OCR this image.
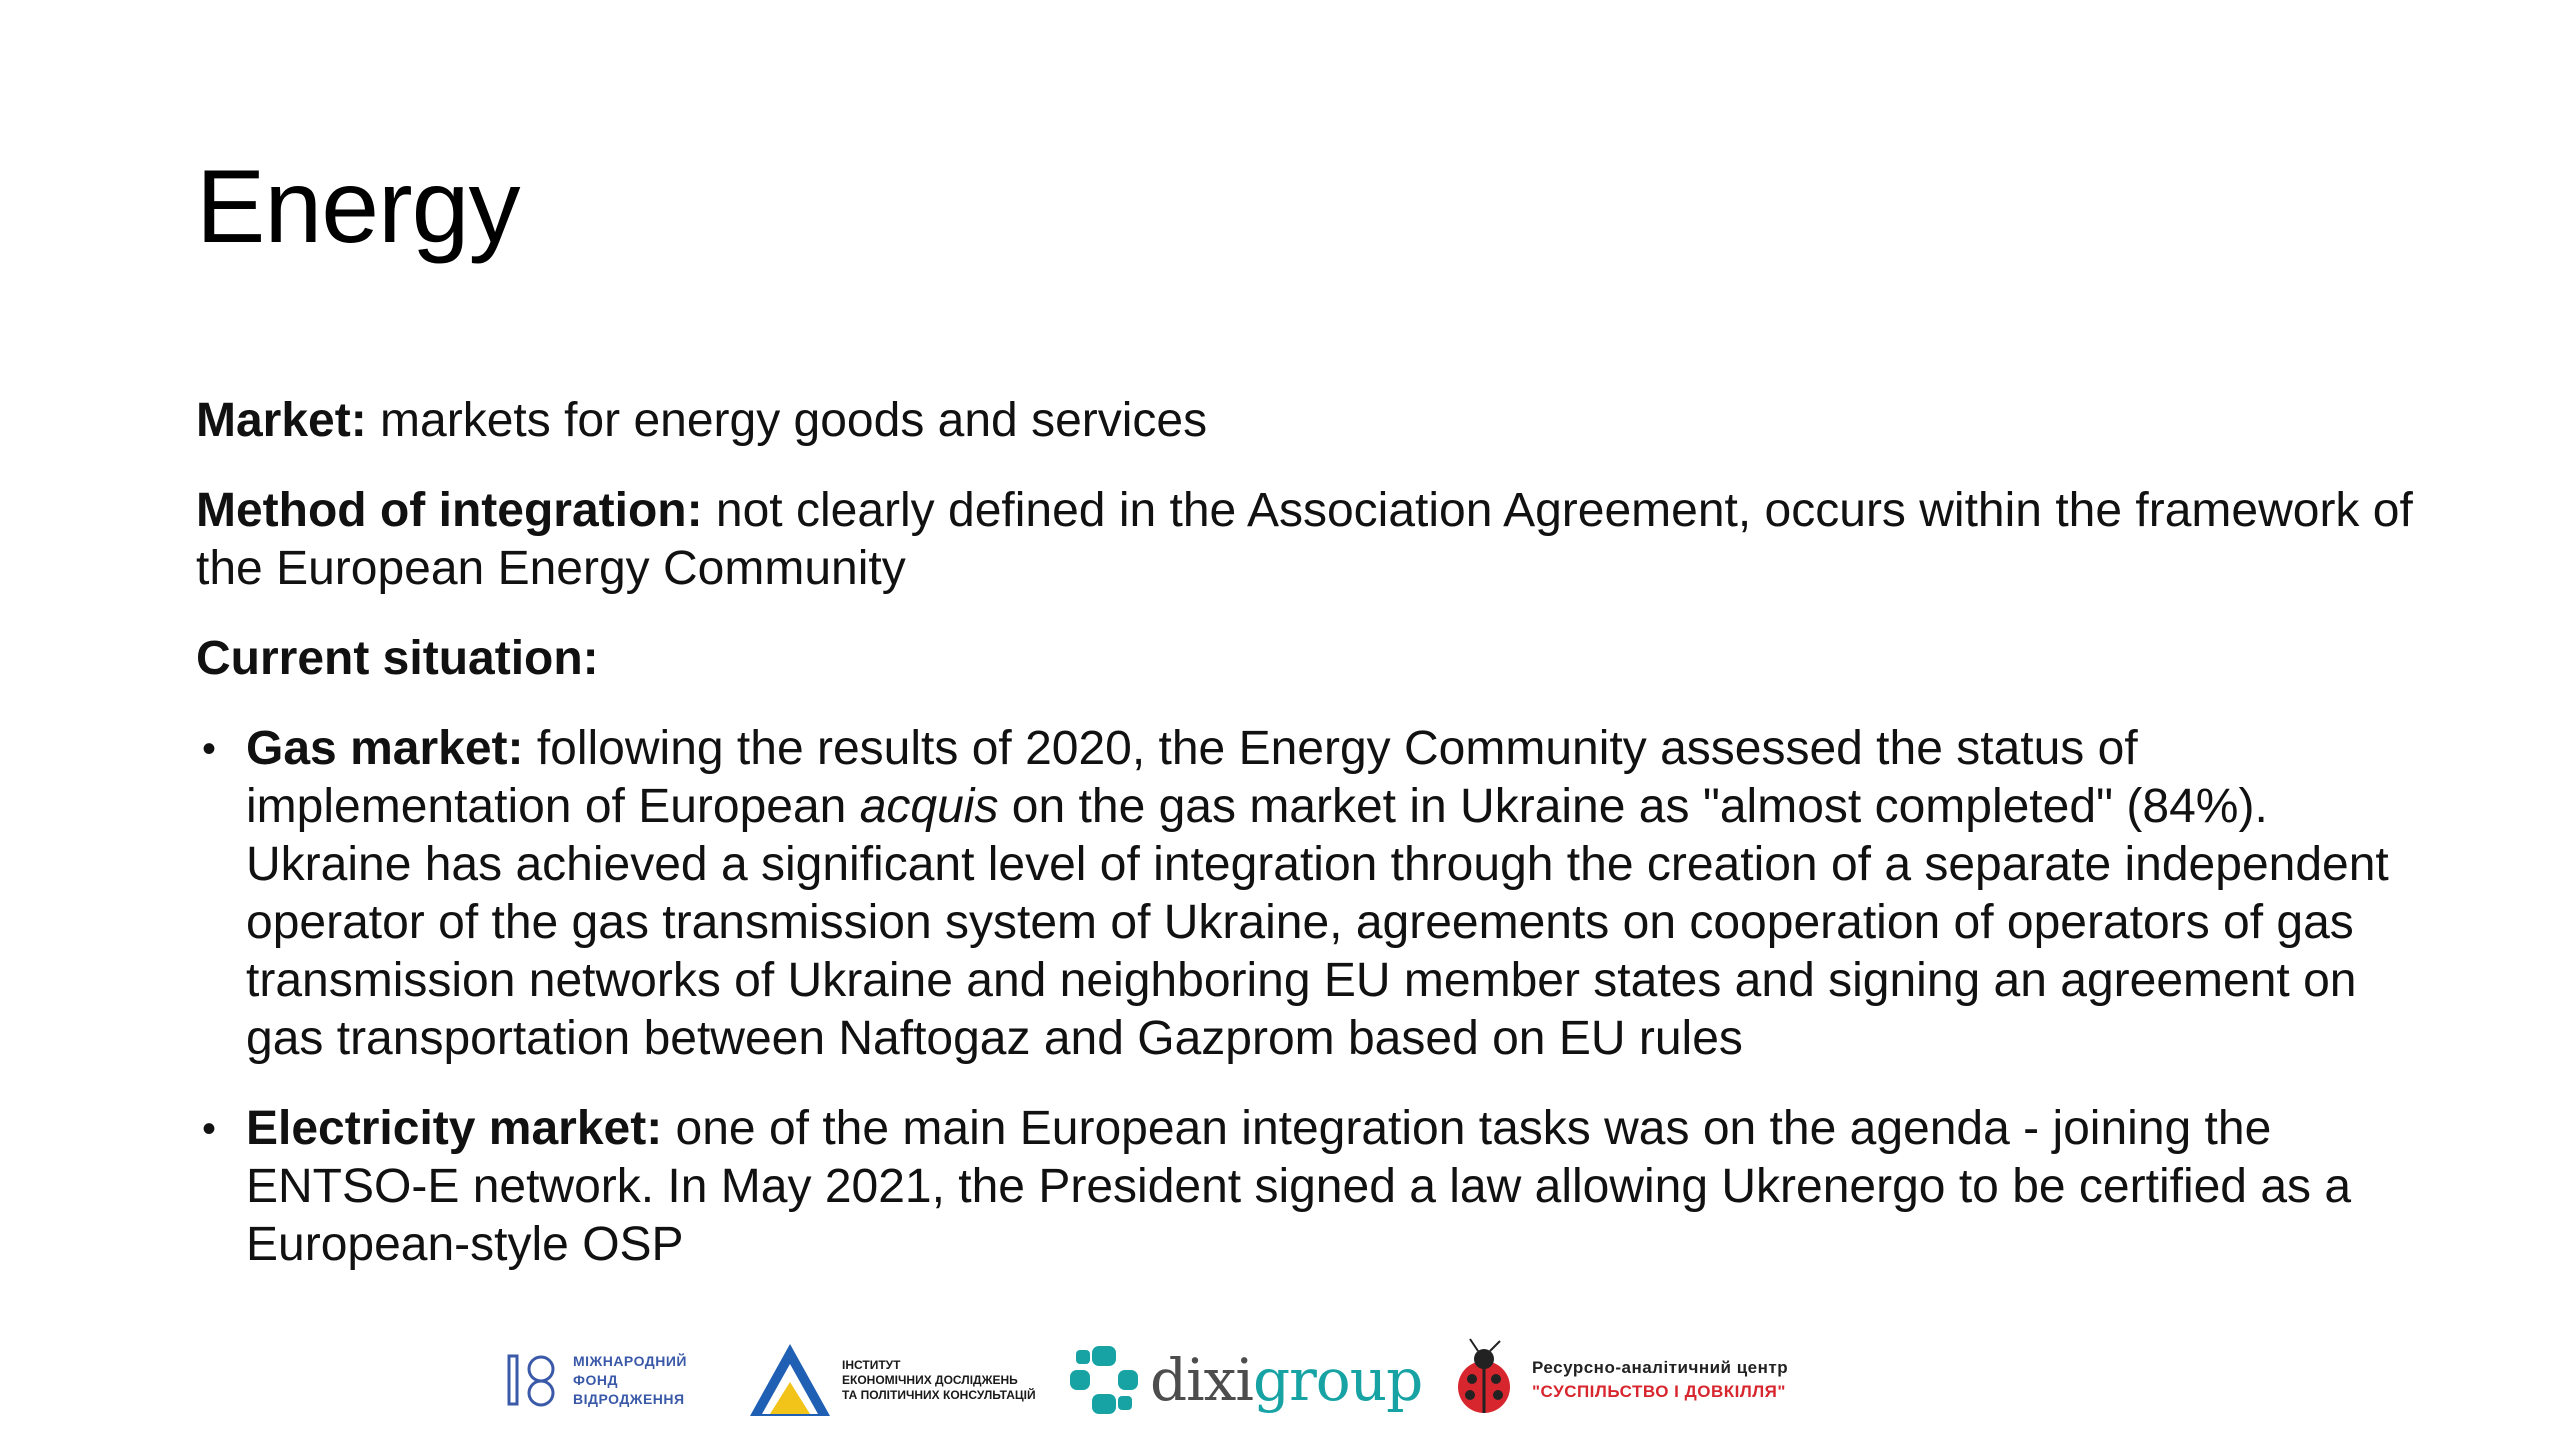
Energy

Market: markets for energy goods and services

Method of integration: not clearly defined in the Association Agreement, occurs within the framework of the European Energy Community

Current situation:

• Gas market: following the results of 2020, the Energy Community assessed the status of implementation of European acquis on the gas market in Ukraine as "almost completed" (84%). Ukraine has achieved a significant level of integration through the creation of a separate independent operator of the gas transmission system of Ukraine, agreements on cooperation of operators of gas transmission networks of Ukraine and neighboring EU member states and signing an agreement on gas transportation between Naftogaz and Gazprom based on EU rules
• Electricity market: one of the main European integration tasks was on the agenda - joining the ENTSO-E network. In May 2021, the President signed a law allowing Ukrenergo to be certified as a European-style OSP
МІЖНАРОДНИЙ
ФОНД
ВІДРОДЖЕННЯ
ІНСТИТУТ
ЕКОНОМІЧНИХ ДОСЛІДЖЕНЬ
ТА ПОЛІТИЧНИХ КОНСУЛЬТАЦІЙ dixigroup	Ресурсно-аналітичний центр
"СУСПІЛЬСТВО І ДОВКІЛЛЯ"
